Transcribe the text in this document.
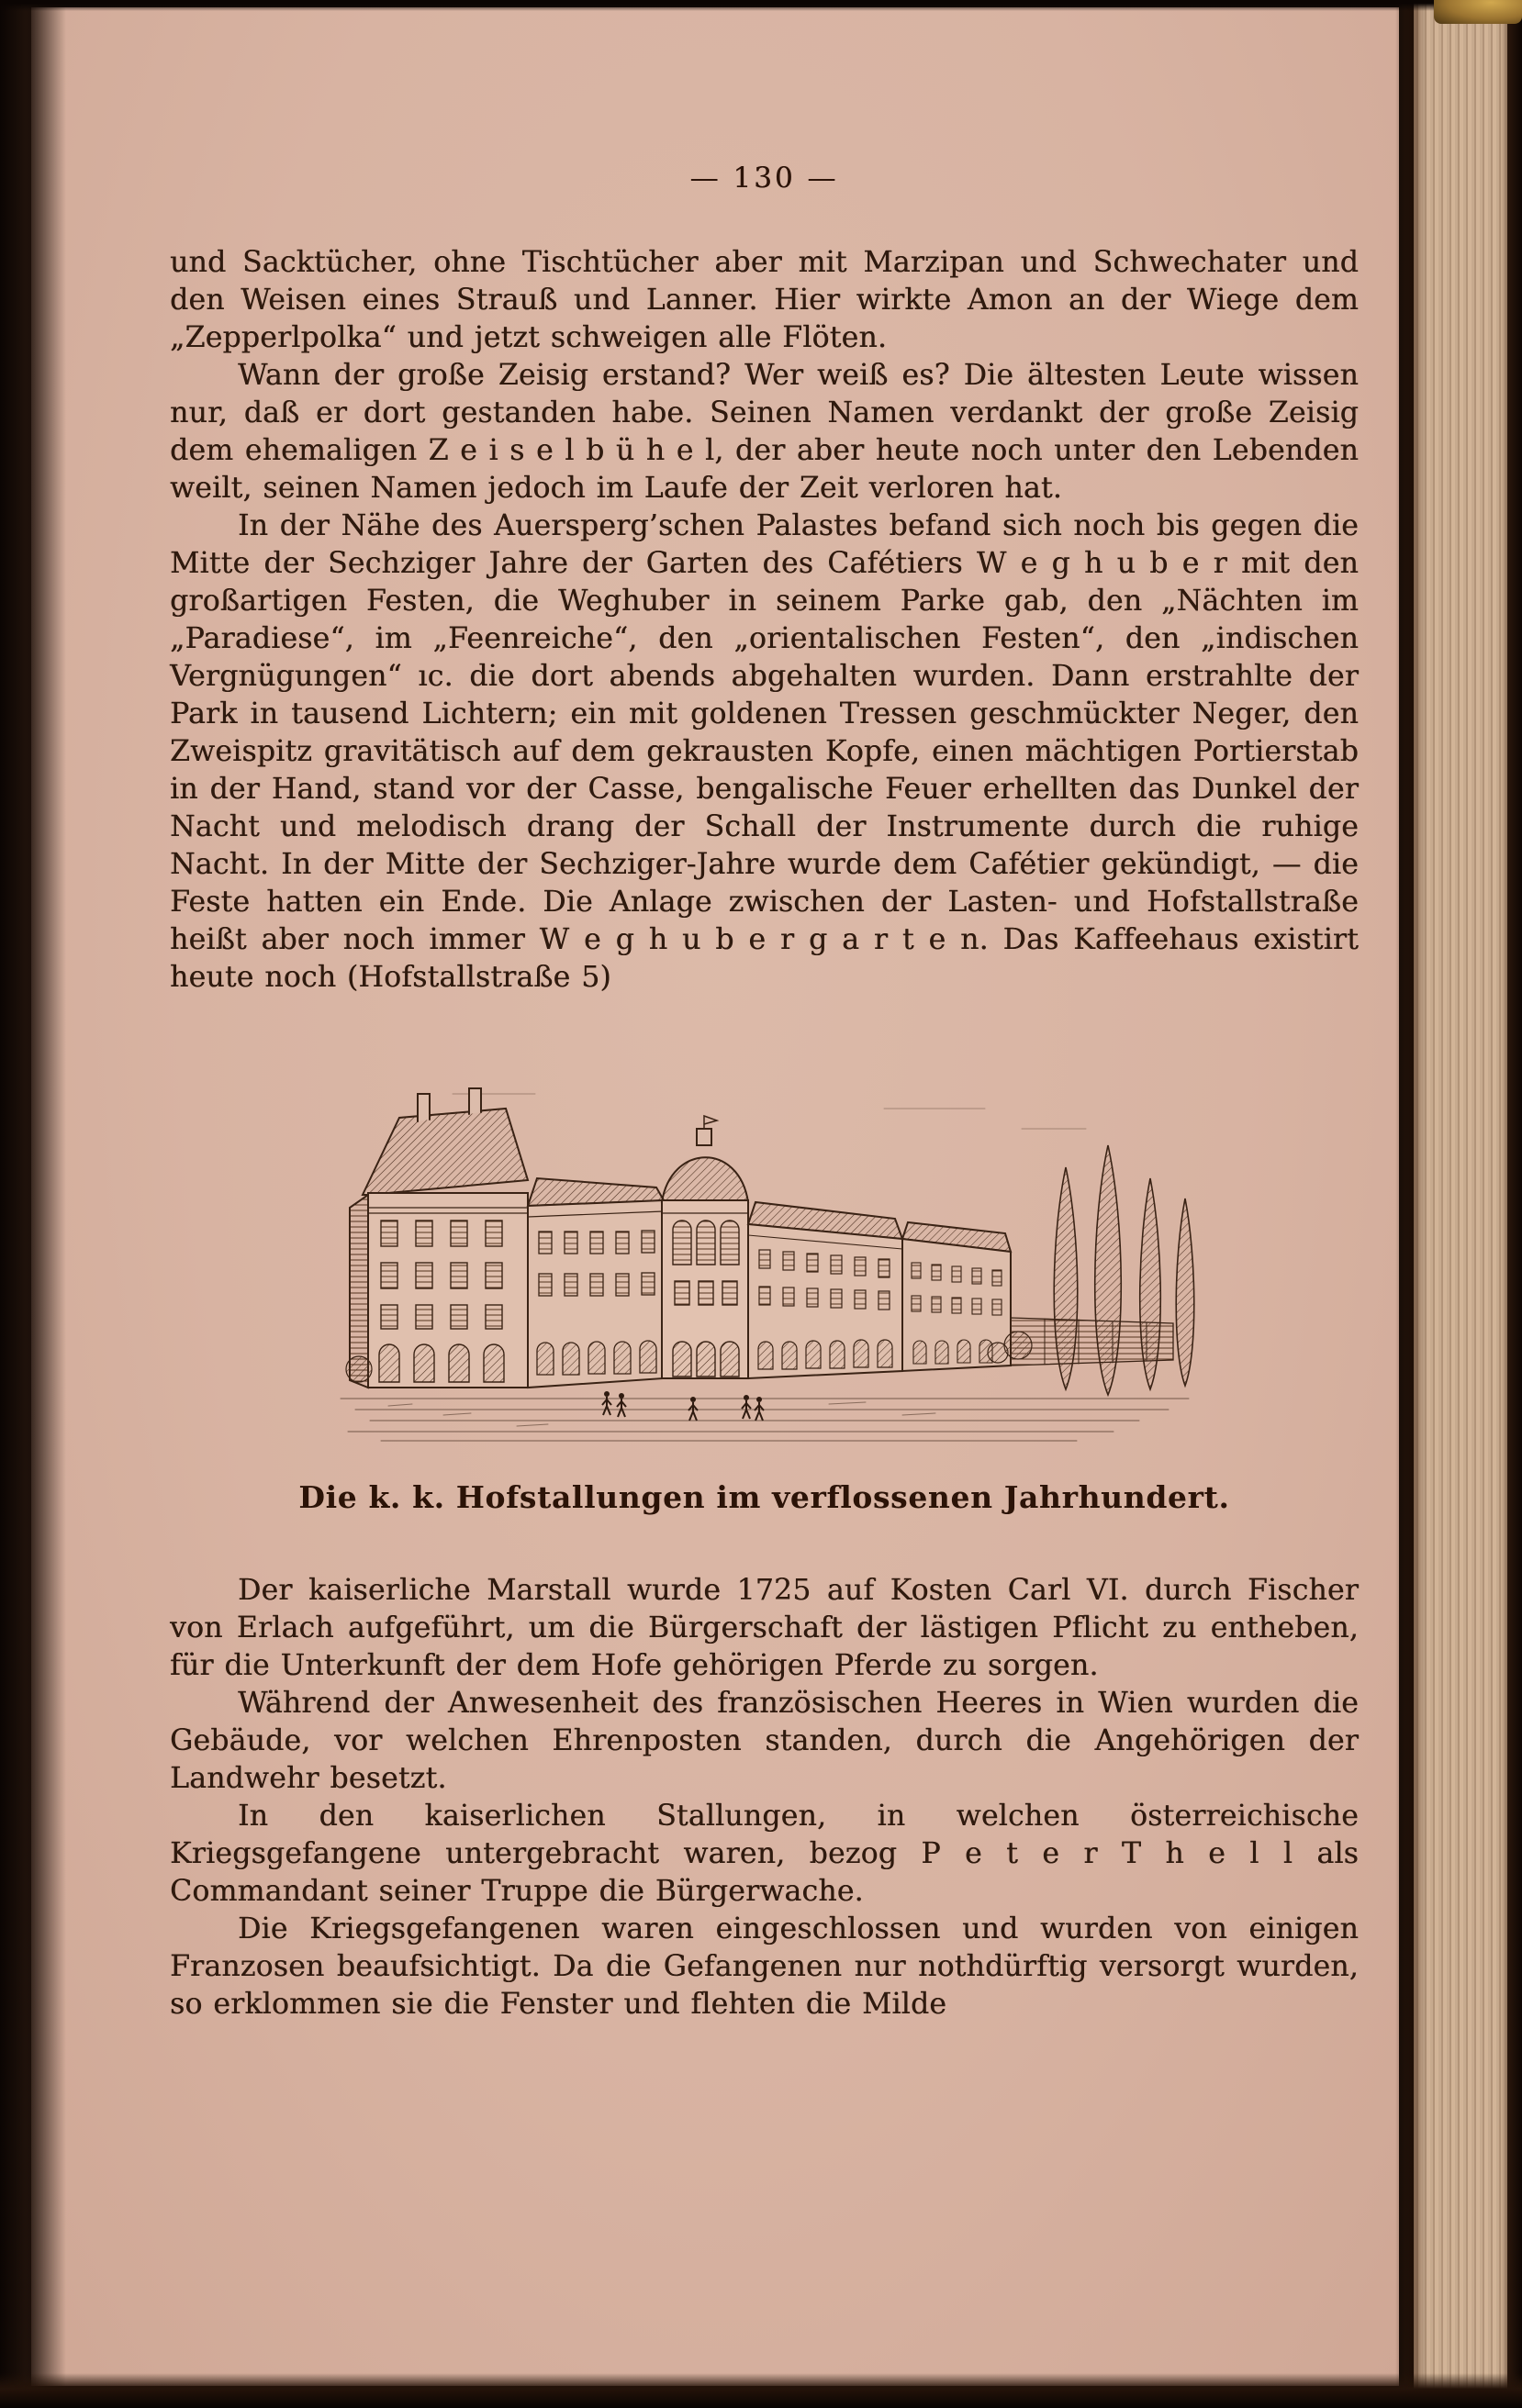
— 130 —

und Sacktücher, ohne Tischtücher aber mit Marzipan und Schwechater und den Weisen eines Strauß und Lanner. Hier wirkte Amon an der Wiege dem „Zepperlpolka“ und jetzt schweigen alle Flöten.

Wann der große Zeisig erstand? Wer weiß es? Die ältesten Leute wissen nur, daß er dort gestanden habe. Seinen Namen verdankt der große Zeisig dem ehemaligen Z e i s e l b ü h e l, der aber heute noch unter den Lebenden weilt, seinen Namen jedoch im Laufe der Zeit verloren hat.

In der Nähe des Auersperg’schen Palastes befand sich noch bis gegen die Mitte der Sechziger Jahre der Garten des Cafétiers W e g h u b e r mit den großartigen Festen, die Weghuber in seinem Parke gab, den „Nächten im „Paradiese“, im „Feenreiche“, den „orientalischen Festen“, den „indischen Vergnügungen“ ıc. die dort abends abgehalten wurden. Dann erstrahlte der Park in tausend Lichtern; ein mit goldenen Tressen geschmückter Neger, den Zweispitz gravitätisch auf dem gekrausten Kopfe, einen mächtigen Portierstab in der Hand, stand vor der Casse, bengalische Feuer erhellten das Dunkel der Nacht und melodisch drang der Schall der Instrumente durch die ruhige Nacht. In der Mitte der Sechziger-Jahre wurde dem Cafétier gekündigt, — die Feste hatten ein Ende. Die Anlage zwischen der Lasten- und Hofstallstraße heißt aber noch immer W e g h u b e r g a r t e n. Das Kaffeehaus existirt heute noch (Hofstallstraße 5)

Die k. k. Hofstallungen im verflossenen Jahrhundert.

Der kaiserliche Marstall wurde 1725 auf Kosten Carl VI. durch Fischer von Erlach aufgeführt, um die Bürgerschaft der lästigen Pflicht zu entheben, für die Unterkunft der dem Hofe gehörigen Pferde zu sorgen.

Während der Anwesenheit des französischen Heeres in Wien wurden die Gebäude, vor welchen Ehrenposten standen, durch die Angehörigen der Landwehr besetzt.

In den kaiserlichen Stallungen, in welchen österreichische Kriegsgefangene untergebracht waren, bezog P e t e r T h e l l als Commandant seiner Truppe die Bürgerwache.

Die Kriegsgefangenen waren eingeschlossen und wurden von einigen Franzosen beaufsichtigt. Da die Gefangenen nur nothdürftig versorgt wurden, so erklommen sie die Fenster und flehten die Milde
